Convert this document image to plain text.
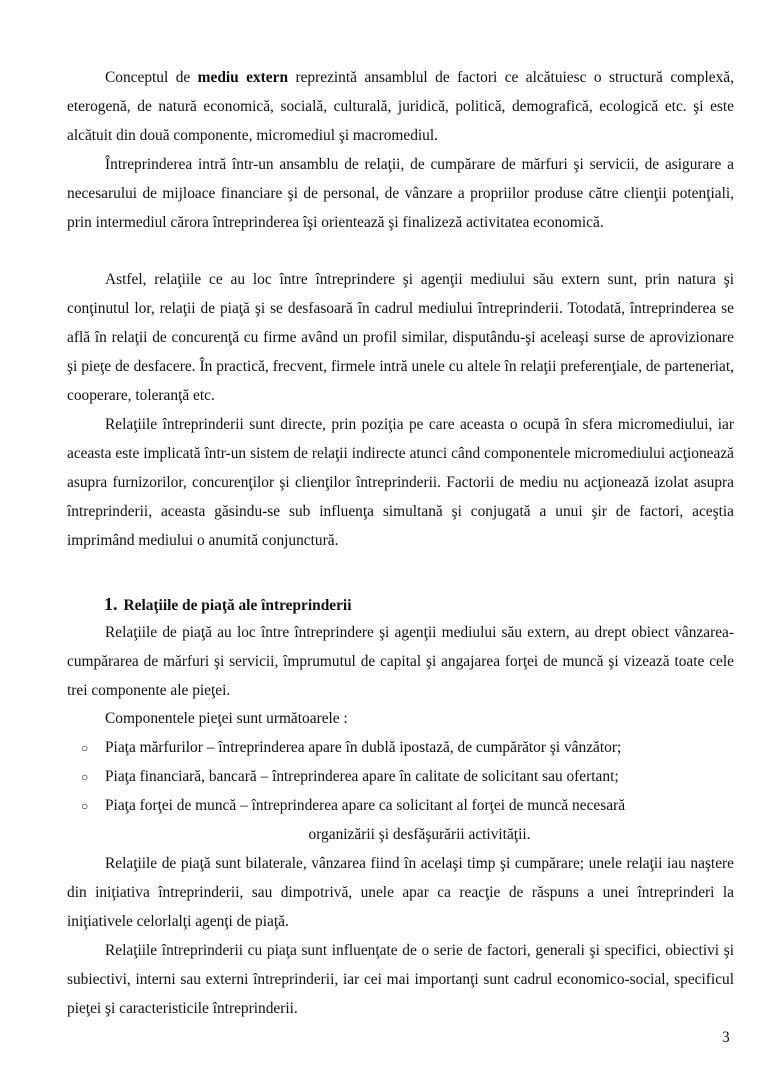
Conceptul de mediu extern reprezintă ansamblul de factori ce alcătuiesc o structură complexă, eterogenă, de natură economică, socială, culturală, juridică, politică, demografică, ecologică etc. şi este alcătuit din două componente, micromediul şi macromediul.

Întreprinderea intră într-un ansamblu de relaţii, de cumpărare de mărfuri şi servicii, de asigurare a necesarului de mijloace financiare şi de personal, de vânzare a propriilor produse către clienţii potenţiali, prin intermediul cărora întreprinderea îşi orientează şi finalizeză activitatea economică.

Astfel, relaţiile ce au loc între întreprindere şi agenţii mediului său extern sunt, prin natura şi conţinutul lor, relaţii de piaţă şi se desfasoară în cadrul mediului întreprinderii. Totodată, întreprinderea se află în relaţii de concurenţă cu firme având un profil similar, disputându-şi aceleaşi surse de aprovizionare şi pieţe de desfacere. În practică, frecvent, firmele intră unele cu altele în relaţii preferenţiale, de parteneriat, cooperare, toleranţă etc.

Relaţiile întreprinderii sunt directe, prin poziţia pe care aceasta o ocupă în sfera micromediului, iar aceasta este implicată într-un sistem de relaţii indirecte atunci când componentele micromediului acţionează asupra furnizorilor, concurenţilor şi clienţilor întreprinderii. Factorii de mediu nu acţionează izolat asupra întreprinderii, aceasta găsindu-se sub influenţa simultană şi conjugată a unui şir de factori, aceştia imprimând mediului o anumită conjunctură.

1. Relaţiile de piaţă ale întreprinderii

Relaţiile de piaţă au loc între întreprindere şi agenţii mediului său extern, au drept obiect vânzarea-cumpărarea de mărfuri şi servicii, împrumutul de capital şi angajarea forţei de muncă şi vizează toate cele trei componente ale pieţei.

Componentele pieţei sunt următoarele :

○ Piaţa mărfurilor – întreprinderea apare în dublă ipostază, de cumpărător şi vânzător;
○ Piaţa financiară, bancară – întreprinderea apare în calitate de solicitant sau ofertant;
○ Piaţa forţei de muncă – întreprinderea apare ca solicitant al forţei de muncă necesară
organizării şi desfăşurării activităţii.

Relaţiile de piaţă sunt bilaterale, vânzarea fiind în acelaşi timp şi cumpărare; unele relaţii iau naştere din iniţiativa întreprinderii, sau dimpotrivă, unele apar ca reacţie de răspuns a unei întreprinderi la iniţiativele celorlalţi agenţi de piaţă.

Relaţiile întreprinderii cu piaţa sunt influenţate de o serie de factori, generali şi specifici, obiectivi şi subiectivi, interni sau externi întreprinderii, iar cei mai importanţi sunt cadrul economico-social, specificul pieţei şi caracteristicile întreprinderii.

3
